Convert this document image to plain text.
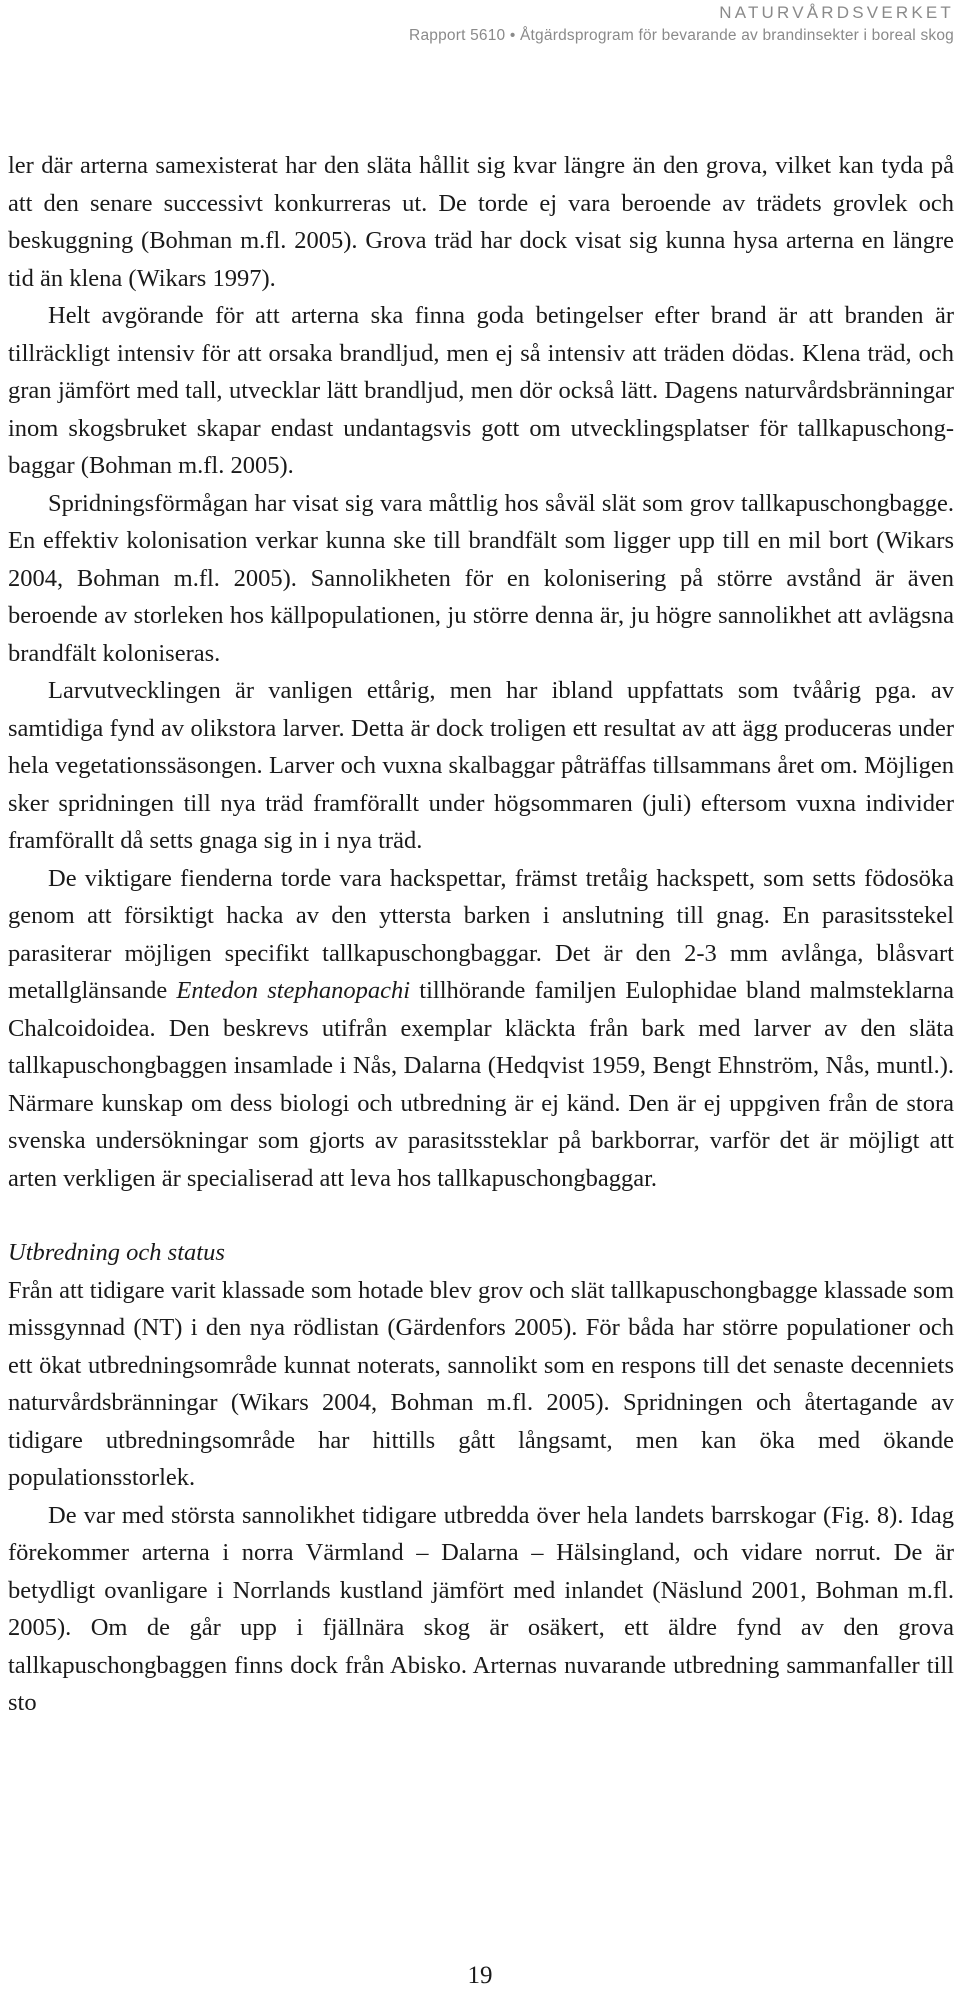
NATURVÅRDSVERKET
Rapport 5610 • Åtgärdsprogram för bevarande av brandinsekter i boreal skog

ler där arterna samexisterat har den släta hållit sig kvar längre än den grova, vilket kan tyda på att den senare successivt konkurreras ut. De torde ej vara beroende av trädets grovlek och beskuggning (Bohman m.fl. 2005). Grova träd har dock visat sig kunna hysa arterna en längre tid än klena (Wikars 1997).

Helt avgörande för att arterna ska finna goda betingelser efter brand är att branden är tillräckligt intensiv för att orsaka brandljud, men ej så intensiv att träden dödas. Klena träd, och gran jämfört med tall, utvecklar lätt brandljud, men dör också lätt. Dagens naturvårdsbränningar inom skogsbruket skapar endast undantagsvis gott om utvecklingsplatser för tallkapuschongbaggar (Bohman m.fl. 2005).

Spridningsförmågan har visat sig vara måttlig hos såväl slät som grov tallkapuschongbagge. En effektiv kolonisation verkar kunna ske till brandfält som ligger upp till en mil bort (Wikars 2004, Bohman m.fl. 2005). Sannolikheten för en kolonisering på större avstånd är även beroende av storleken hos källpopulationen, ju större denna är, ju högre sannolikhet att avlägsna brandfält koloniseras.

Larvutvecklingen är vanligen ettårig, men har ibland uppfattats som tvåårig pga. av samtidiga fynd av olikstora larver. Detta är dock troligen ett resultat av att ägg produceras under hela vegetationssäsongen. Larver och vuxna skalbaggar påträffas tillsammans året om. Möjligen sker spridningen till nya träd framförallt under högsommaren (juli) eftersom vuxna individer framförallt då setts gnaga sig in i nya träd.

De viktigare fienderna torde vara hackspettar, främst tretåig hackspett, som setts födosöka genom att försiktigt hacka av den yttersta barken i anslutning till gnag. En parasitsstekel parasiterar möjligen specifikt tallkapuschongbaggar. Det är den 2-3 mm avlånga, blåsvart metallglänsande Entedon stephanopachi tillhörande familjen Eulophidae bland malmsteklarna Chalcoidoidea. Den beskrevs utifrån exemplar kläckta från bark med larver av den släta tallkapuschongbaggen insamlade i Nås, Dalarna (Hedqvist 1959, Bengt Ehnström, Nås, muntl.). Närmare kunskap om dess biologi och utbredning är ej känd. Den är ej uppgiven från de stora svenska undersökningar som gjorts av parasitssteklar på barkborrar, varför det är möjligt att arten verkligen är specialiserad att leva hos tallkapuschongbaggar.

Utbredning och status

Från att tidigare varit klassade som hotade blev grov och slät tallkapuschongbagge klassade som missgynnad (NT) i den nya rödlistan (Gärdenfors 2005). För båda har större populationer och ett ökat utbredningsområde kunnat noterats, sannolikt som en respons till det senaste decenniets naturvårdsbränningar (Wikars 2004, Bohman m.fl. 2005). Spridningen och återtagande av tidigare utbredningsområde har hittills gått långsamt, men kan öka med ökande populationsstorlek.

De var med största sannolikhet tidigare utbredda över hela landets barrskogar (Fig. 8). Idag förekommer arterna i norra Värmland – Dalarna – Hälsingland, och vidare norrut. De är betydligt ovanligare i Norrlands kustland jämfört med inlandet (Näslund 2001, Bohman m.fl. 2005). Om de går upp i fjällnära skog är osäkert, ett äldre fynd av den grova tallkapuschongbaggen finns dock från Abisko. Arternas nuvarande utbredning sammanfaller till sto

19
